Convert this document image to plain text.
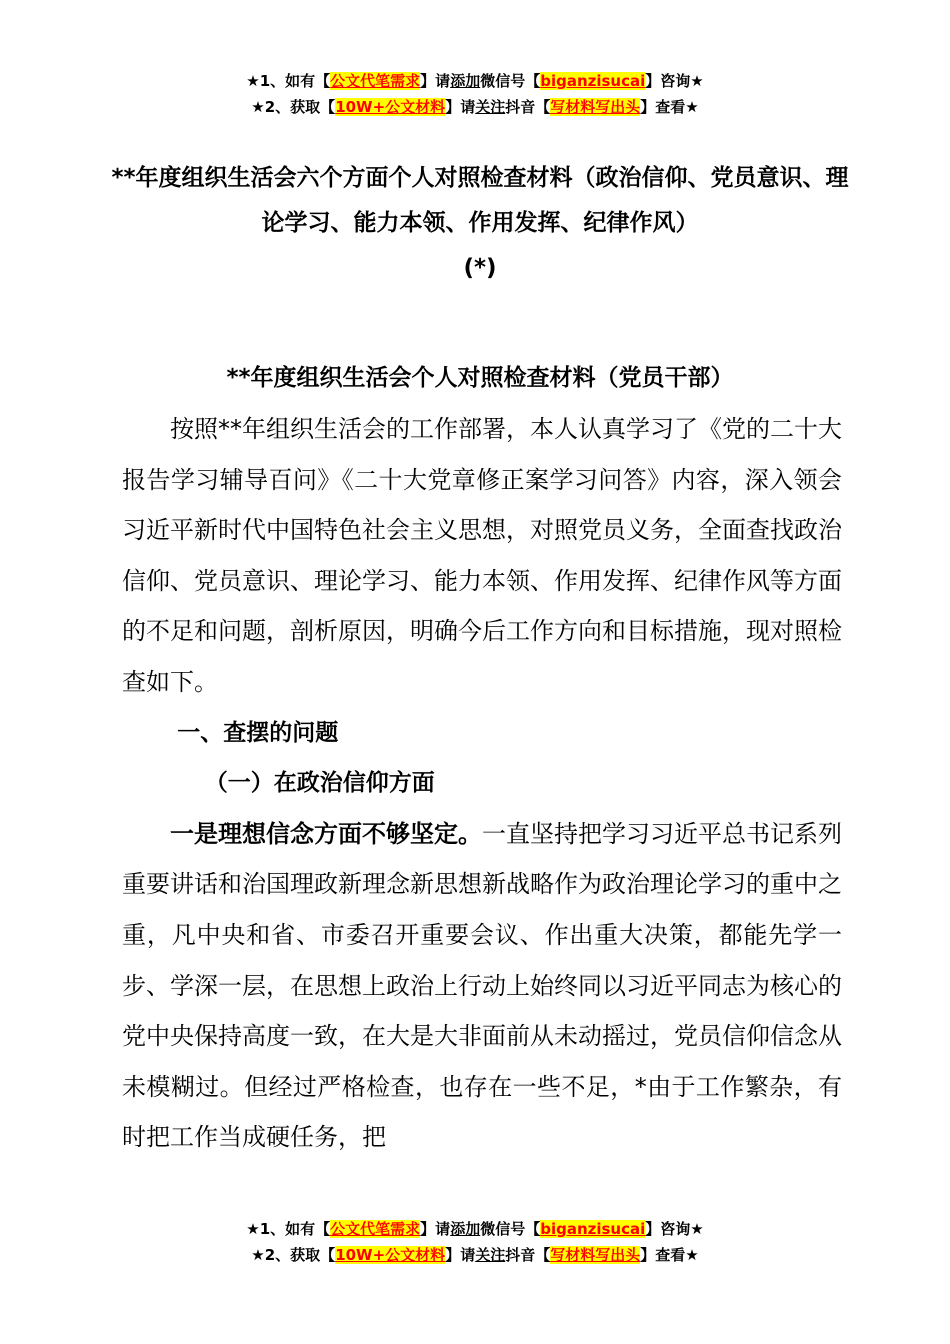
★1、如有【公文代笔需求】请添加微信号【biganzisucai】咨询★
★2、获取【10W+公文材料】请关注抖音【写材料写出头】查看★
**年度组织生活会六个方面个人对照检查材料（政治信仰、党员意识、理论学习、能力本领、作用发挥、纪律作风）
(*)
**年度组织生活会个人对照检查材料（党员干部）

按照**年组织生活会的工作部署，本人认真学习了《党的二十大报告学习辅导百问》《二十大党章修正案学习问答》内容，深入领会习近平新时代中国特色社会主义思想，对照党员义务，全面查找政治信仰、党员意识、理论学习、能力本领、作用发挥、纪律作风等方面的不足和问题，剖析原因，明确今后工作方向和目标措施，现对照检查如下。

一、查摆的问题

（一）在政治信仰方面

一是理想信念方面不够坚定。一直坚持把学习习近平总书记系列重要讲话和治国理政新理念新思想新战略作为政治理论学习的重中之重，凡中央和省、市委召开重要会议、作出重大决策，都能先学一步、学深一层，在思想上政治上行动上始终同以习近平同志为核心的党中央保持高度一致，在大是大非面前从未动摇过，党员信仰信念从未模糊过。但经过严格检查，也存在一些不足，*由于工作繁杂，有时把工作当成硬任务，把

★1、如有【公文代笔需求】请添加微信号【biganzisucai】咨询★
★2、获取【10W+公文材料】请关注抖音【写材料写出头】查看★
